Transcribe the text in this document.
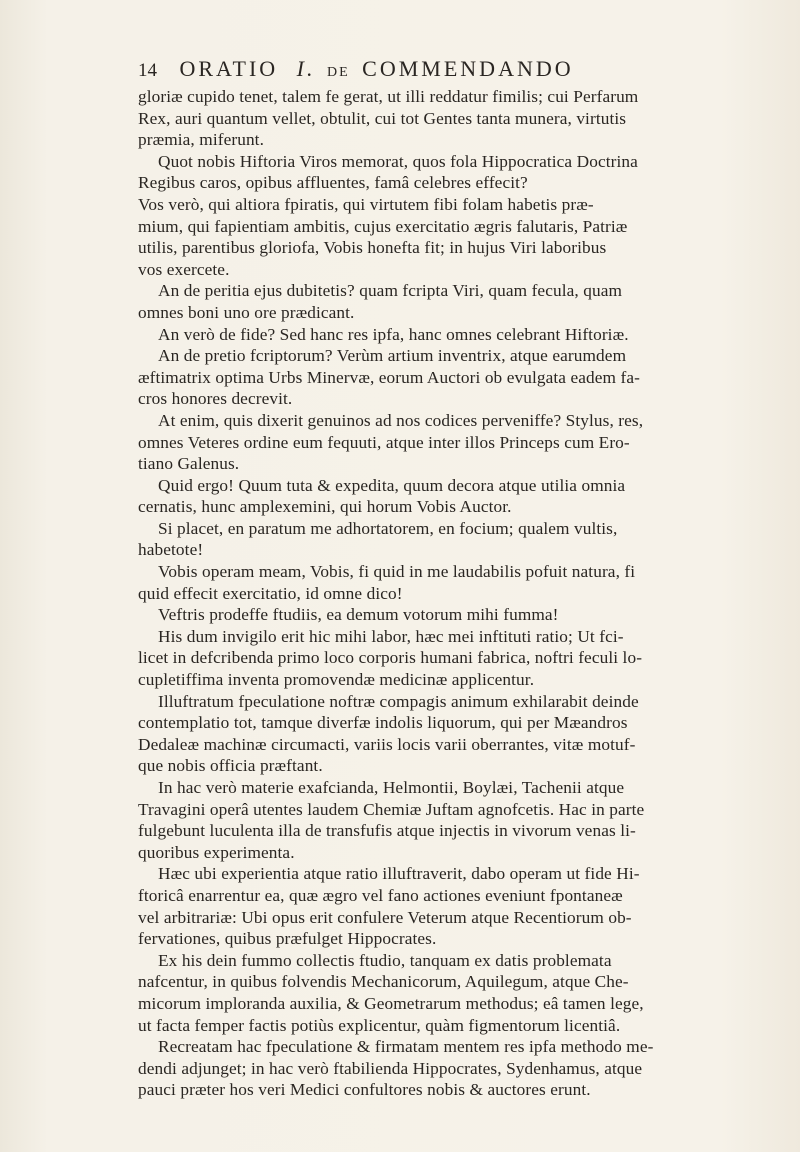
14 ORATIO I. DE COMMENDANDO
gloriæ cupido tenet, talem fe gerat, ut illi reddatur fimilis; cui Perfarum
Rex, auri quantum vellet, obtulit, cui tot Gentes tanta munera, virtutis
præmia, miferunt.
Quot nobis Hiftoria Viros memorat, quos fola Hippocratica Doctrina
Regibus caros, opibus affluentes, famâ celebres effecit?
Vos verò, qui altiora fpiratis, qui virtutem fibi folam habetis præ-
mium, qui fapientiam ambitis, cujus exercitatio ægris falutaris, Patriæ
utilis, parentibus gloriofa, Vobis honefta fit; in hujus Viri laboribus
vos exercete.
An de peritia ejus dubitetis? quam fcripta Viri, quam fecula, quam
omnes boni uno ore prædicant.
An verò de fide? Sed hanc res ipfa, hanc omnes celebrant Hiftoriæ.
An de pretio fcriptorum? Verùm artium inventrix, atque earumdem
æftimatrix optima Urbs Minervæ, eorum Auctori ob evulgata eadem fa-
cros honores decrevit.
At enim, quis dixerit genuinos ad nos codices perveniffe? Stylus, res,
omnes Veteres ordine eum fequuti, atque inter illos Princeps cum Ero-
tiano Galenus.
Quid ergo! Quum tuta & expedita, quum decora atque utilia omnia
cernatis, hunc amplexemini, qui horum Vobis Auctor.
Si placet, en paratum me adhortatorem, en focium; qualem vultis,
habetote!
Vobis operam meam, Vobis, fi quid in me laudabilis pofuit natura, fi
quid effecit exercitatio, id omne dico!
Veftris prodeffe ftudiis, ea demum votorum mihi fumma!
His dum invigilo erit hic mihi labor, hæc mei inftituti ratio; Ut fci-
licet in defcribenda primo loco corporis humani fabrica, noftri feculi lo-
cupletiffima inventa promovendæ medicinæ applicentur.
Illuftratum fpeculatione noftræ compagis animum exhilarabit deinde
contemplatio tot, tamque diverfæ indolis liquorum, qui per Mæandros
Dedaleæ machinæ circumacti, variis locis varii oberrantes, vitæ motuf-
que nobis officia præftant.
In hac verò materie exafcianda, Helmontii, Boylæi, Tachenii atque
Travagini operâ utentes laudem Chemiæ Juftam agnofcetis. Hac in parte
fulgebunt luculenta illa de transfufis atque injectis in vivorum venas li-
quoribus experimenta.
Hæc ubi experientia atque ratio illuftraverit, dabo operam ut fide Hi-
ftoricâ enarrentur ea, quæ ægro vel fano actiones eveniunt fpontaneæ
vel arbitrariæ: Ubi opus erit confulere Veterum atque Recentiorum ob-
fervationes, quibus præfulget Hippocrates.
Ex his dein fummo collectis ftudio, tanquam ex datis problemata
nafcentur, in quibus folvendis Mechanicorum, Aquilegum, atque Che-
micorum imploranda auxilia, & Geometrarum methodus; eâ tamen lege,
ut facta femper factis potiùs explicentur, quàm figmentorum licentiâ.
Recreatam hac fpeculatione & firmatam mentem res ipfa methodo me-
dendi adjunget; in hac verò ftabilienda Hippocrates, Sydenhamus, atque
pauci præter hos veri Medici confultores nobis & auctores erunt.
